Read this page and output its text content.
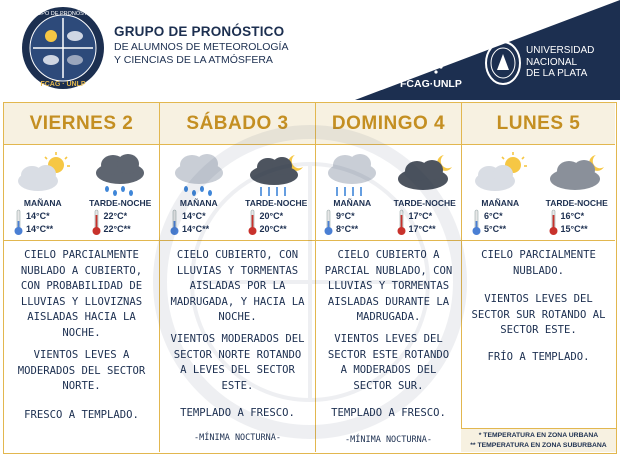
GRUPO DE PRONÓSTICO
FCAG · UNLP
GRUPO DE PRONÓSTICO
DE ALUMNOS DE METEOROLOGÍA
Y CIENCIAS DE LA ATMÓSFERA
FCAG·UNLP
UNIVERSIDAD
NACIONAL
DE LA PLATA
VIERNES 2
MAÑANA
14°C*
14°C**
TARDE-NOCHE
22°C*
22°C**
CIELO PARCIALMENTE
NUBLADO A CUBIERTO,
CON PROBABILIDAD DE
LLUVIAS Y LLOVIZNAS
AISLADAS HACIA LA
NOCHE.
VIENTOS LEVES A
MODERADOS DEL SECTOR
NORTE.
FRESCO A TEMPLADO.
SÁBADO 3
MAÑANA
14°C*
14°C**
TARDE-NOCHE
20°C*
20°C**
CIELO CUBIERTO, CON
LLUVIAS Y TORMENTAS
AISLADAS POR LA
MADRUGADA, Y HACIA LA
NOCHE.
VIENTOS MODERADOS DEL
SECTOR NORTE ROTANDO
A LEVES DEL SECTOR
ESTE.
TEMPLADO A FRESCO.
-MÍNIMA NOCTURNA-
DOMINGO 4
MAÑANA
9°C*
8°C**
TARDE-NOCHE
17°C*
17°C**
CIELO CUBIERTO A
PARCIAL NUBLADO, CON
LLUVIAS Y TORMENTAS
AISLADAS DURANTE LA
MADRUGADA.
VIENTOS LEVES DEL
SECTOR ESTE ROTANDO
A MODERADOS DEL
SECTOR SUR.
TEMPLADO A FRESCO.
-MÍNIMA NOCTURNA-
LUNES 5
MAÑANA
6°C*
5°C**
TARDE-NOCHE
16°C*
15°C**
CIELO PARCIALMENTE
NUBLADO.
VIENTOS LEVES DEL
SECTOR SUR ROTANDO AL
SECTOR ESTE.
FRÍO A TEMPLADO.
* TEMPERATURA EN ZONA URBANA
** TEMPERATURA EN ZONA SUBURBANA
